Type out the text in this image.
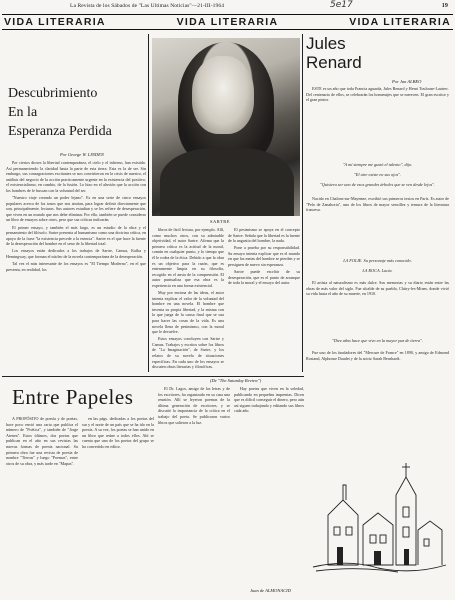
La Revista de los Sábados de "Las Ultimas Noticias"—21-III-1964	19
5e17
VIDA LITERARIA	VIDA LITERARIA	VIDA LITERARIA
Descubrimiento
En la
Esperanza Perdida
Por George W. LINDEN

Por ciertos dioses la libertad contemporánea, el cielo y el infierno, han existido. Así permaneciendo la claridad hasta la parte de esta tierra. Esta es la de ser. Sin embargo, sus consagraciones excitantes se nos convirtieron en la crisis de nuestro, el análisis del negocio de la acción practicamente urgente en la existencia del positivo, el existencialismo, en cambio, de la fusión. Lo hizo en el aluvión que la acción con los hombres de fe buscan con la voluntad del ser.

"Nuestro viaje creando un poder lejano". Es en una serie de cinco ensayos populares acerca de los tonos que nos atraían, para lograr definir directamente que son, principalmente, lecturas. Sus autores estudian y se les refiere de desesperación, que viven en un mundo que nos debe eliminar. Por ello, también se puede considerar un libro de ensayos sobre otros, pero que sus críticas indicarán.

El primer ensayo, y también el más largo, es un estudio de la obra y el pensamiento del filósofo. Sartre presenta al humanismo como una doctrina crítica, en apoyo de la frase "la existencia precede a la esencia". Sartre es el que hace la fuente de la desesperación del hombre en el seno de la libertad total.

Los ensayos están dedicados a los trabajos de Sartre, Camus, Kafka y Hemingway, que forman el núcleo de la novela contemporánea de la desesperación.

Tal vez el más interesante de los ensayos es "El Tiempo Moderno", en el que presenta, en realidad, los

SARTRE

libros de fácil lectura, por ejemplo. Allí, como muchos otros, con su admirable objetividad, el autor Sartre. Afirma que la primera crítica es la actitud de la moral, común en cualquier punto, y lo tiempo que él le rodea de la ética. Debido a que la obra es un objetivo para la razón, que es enteramente limpia en su filosofía, recogido en el ansia de la comprensión. El autor puntualiza que esa obra es la experiencia en una forma existencial.

Muy por encima de las ideas, el autor intenta explicar el valor de la voluntad del hombre en una novela. El hombre que inventa su propia libertad, y la misma con la que juega de la causa final que se usa para hacer las cosas de la vida. Es una novela llena de pesimismo, con la moral que le devuelve.

Estos ensayos concluyen con Sartre y Camus. Trabajos y escritos sobre los libros de "La Imaginación", de Sartre, y los relatos de su novela de situaciones específicas. En cada uno de los ensayos se discuten obras literarias y filosóficas.

El pesimismo se apoya en el concepto de Sartre. Señala que la libertad es la fuente de la angustia del hombre, la nada.

Pone a prueba por su responsabilidad. Su ensayo intenta explicar que es el mundo en que las metas del hombre se pierden y se persiguen de nuevo sin esperanza.

Sartre puede escribir de su desesperación, que es el punto de arranque de toda la moral y el ensayo del autor.

(De "The Saturday Review")
Jules
Renard
Por Jan ALBEO

ESTE es un año que toda Francia aguarda, Jules Renard y Henri Toulouse-Lautrec. Del centenario de ellos, se celebrarán los homenajes que se merecen. El gran escritor y el gran pintor.

"A mí siempre me gustó el talento", dijo.
"El aire existe en sus ojos".
"Quisiera ser uno de esos grandes árboles que se ven desde lejos".

Nacido en Chalons-sur-Mayenne, escribió sus primeros textos en París. Es autor de "Pelo de Zanahoria", uno de los libros de mayor sencillez y ternura de la literatura francesa.

LA FOLIE. Su personaje más conocido.
LA ROCA. Lucía.

El artista al naturalismo es más dulce. Sus memorias y su diario están entre las obras de más valor del siglo. Fue alcalde de su pueblo, Chitry-les-Mines, donde vivió su vida hasta el año de su muerte, en 1910.

"Diez años hace que vivo en la mayor paz de tierra".

Fue uno de los fundadores del "Mercure de France" en 1890, y amigo de Edmond Rostand, Alphonse Daudet y de la actriz Sarah Bernhardt.

Entre Papeles

A PROPÓSITO de poesía y de poetas, hace poco envió una carta que publica el número de "Poética", y también de "Jorge Atenea". Estos últimos, dos poetas que publican en el año en sus revistas las nuevas formas de poesía nacional. Su primera obra fue una revista de poesía de nombre "Tierras" y luego "Poemas", entre otros de su obra, y más tarde en "Mapas".

en las págs. dedicadas a los poetas del sur y el norte de un país que se ha ido en la poesía. A su vez, los poetas se han unido en un libro que reúne a todos ellos. Ahí se cuenta que uno de los poetas del grupo se ha convertido en editor.

El Dr. Lagos, amigo de las letras y de los escritores, ha organizado en su casa una reunión. Allí se leyeron poemas de la última generación de escritores, y se discutió la importancia de la crítica en el trabajo del poeta. Se publicaron varios libros que salieron a la luz.

Hay poetas que viven en la soledad, publicando en pequeñas imprentas. Dicen que es difícil conseguir el dinero, pero aún así siguen trabajando y editando sus libros cada año.

Juan de ALMONACID
